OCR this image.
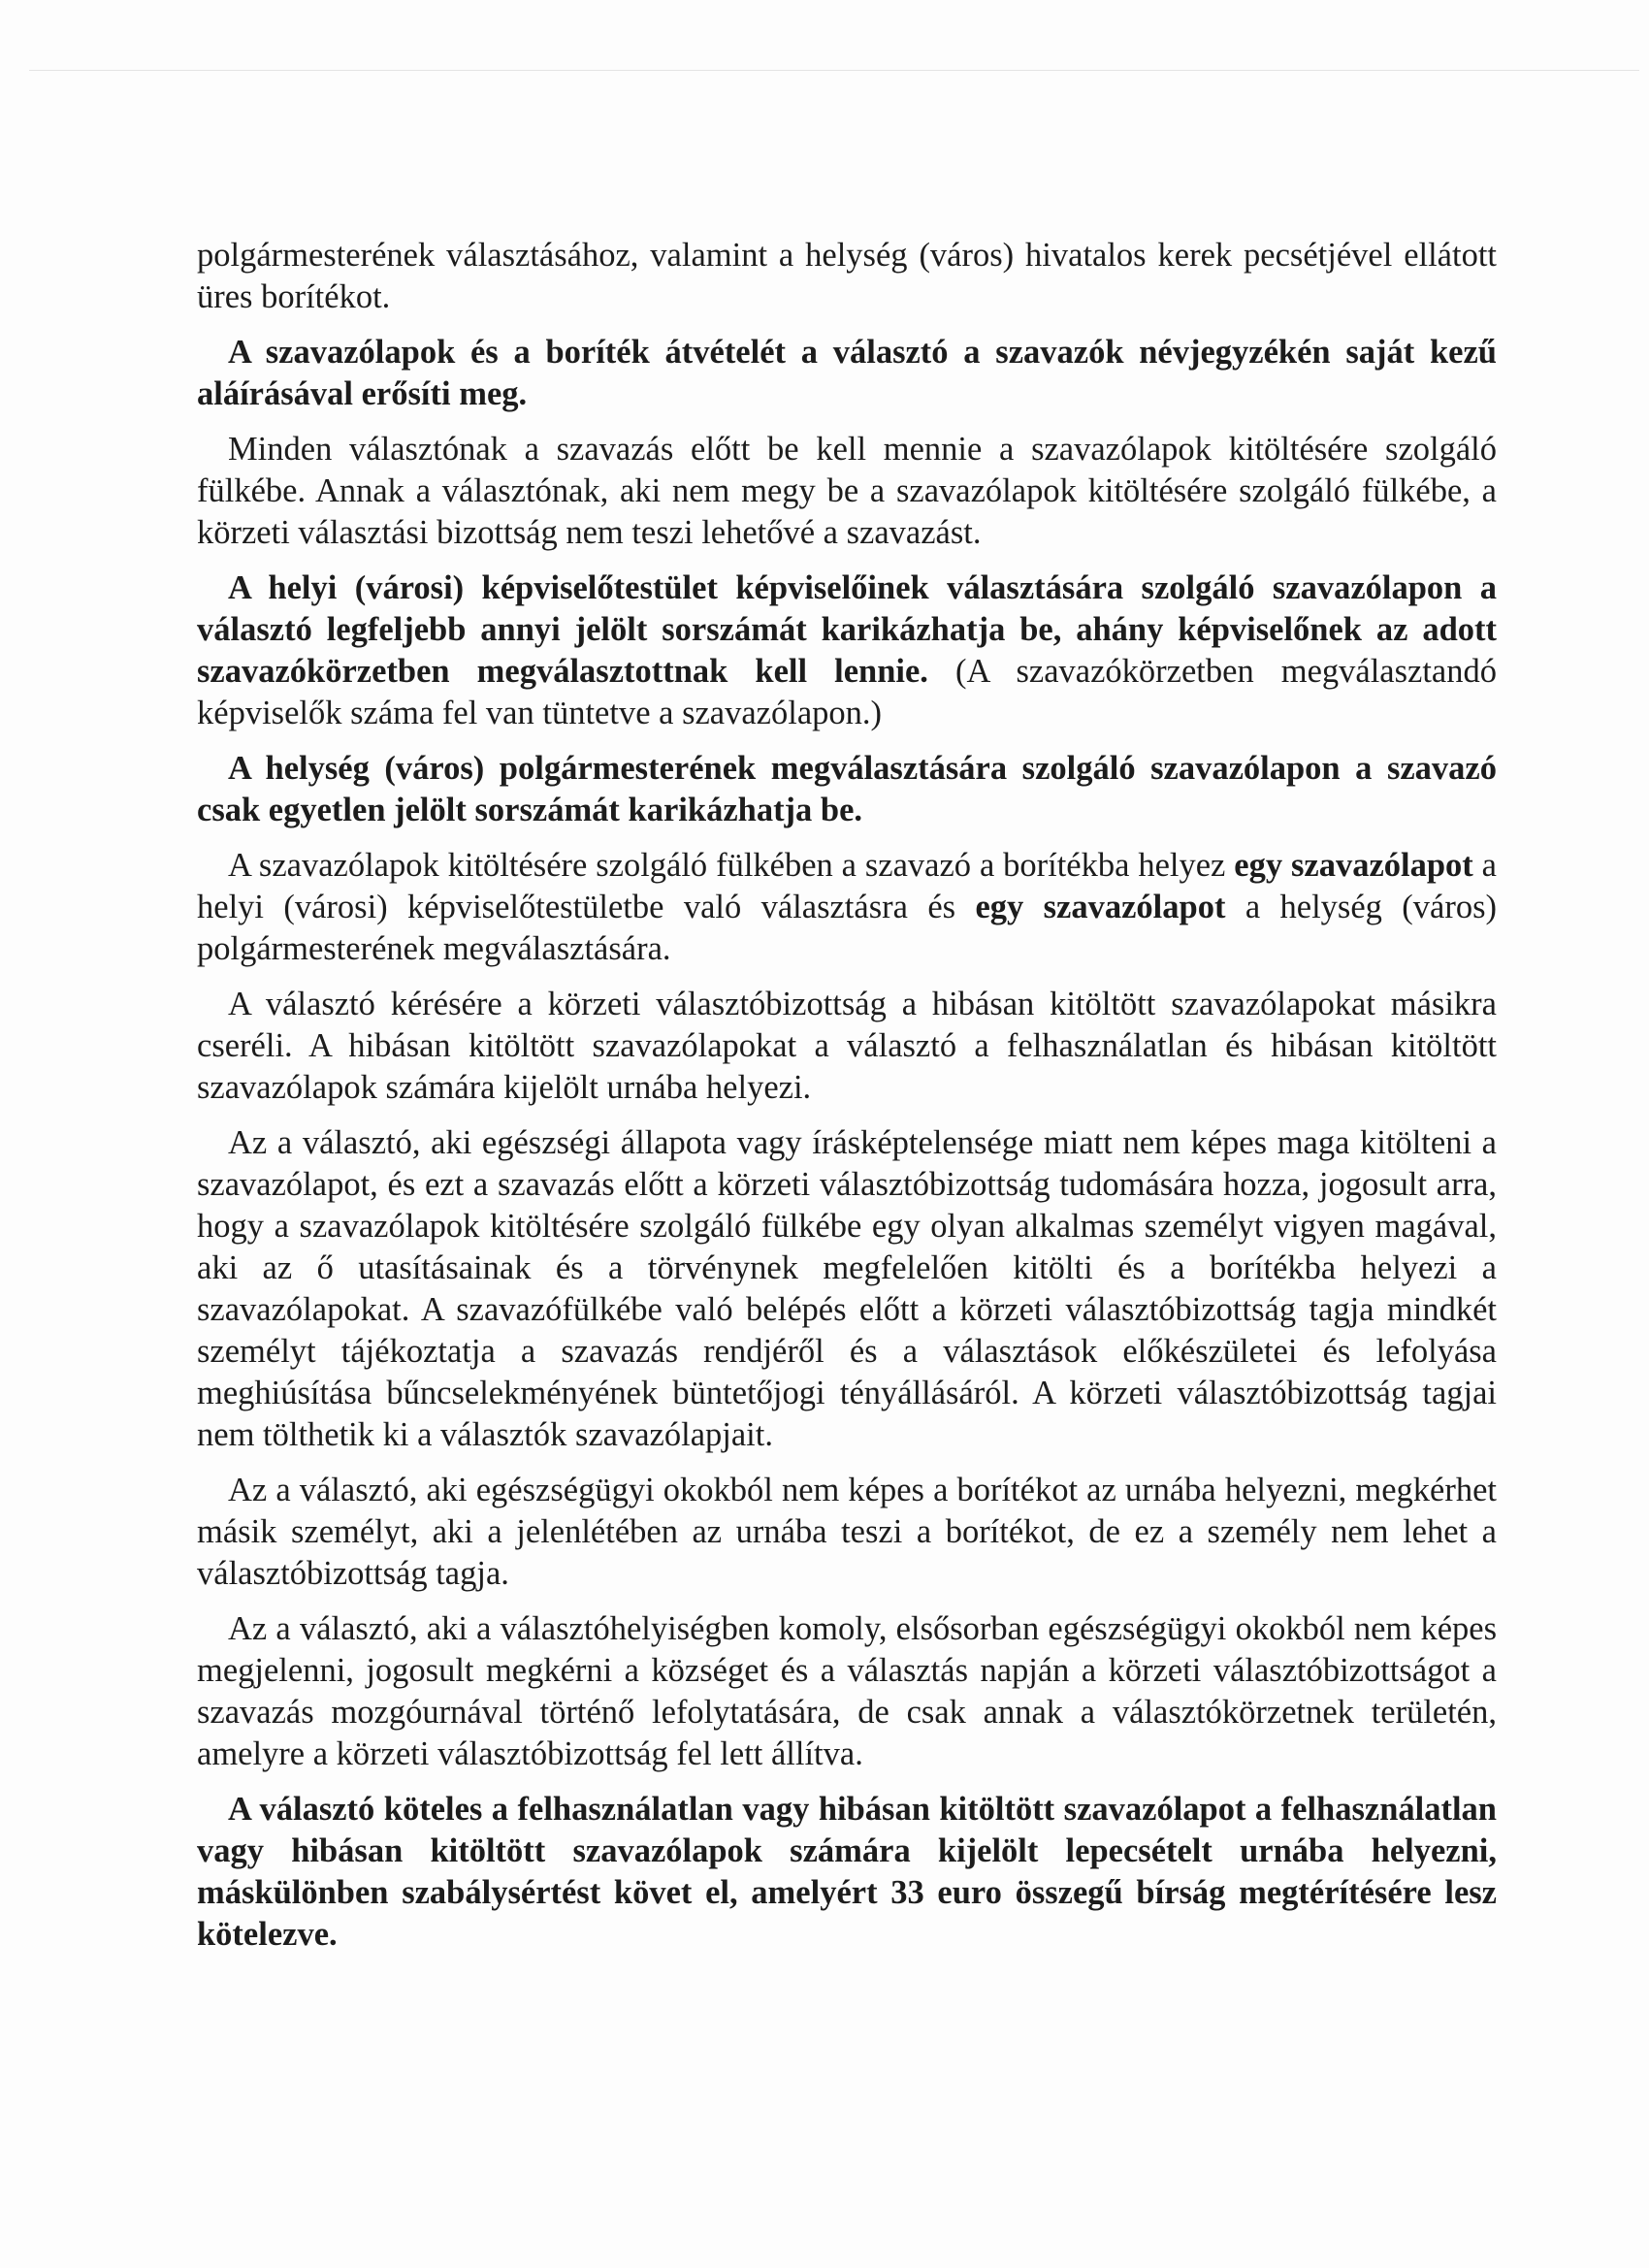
polgármesterének választásához, valamint a helység (város) hivatalos kerek pecsétjével ellátott üres borítékot.

A szavazólapok és a boríték átvételét a választó a szavazók névjegyzékén saját kezű aláírásával erősíti meg.

Minden választónak a szavazás előtt be kell mennie a szavazólapok kitöltésére szolgáló fülkébe. Annak a választónak, aki nem megy be a szavazólapok kitöltésére szolgáló fülkébe, a körzeti választási bizottság nem teszi lehetővé a szavazást.

A helyi (városi) képviselőtestület képviselőinek választására szolgáló szavazólapon a választó legfeljebb annyi jelölt sorszámát karikázhatja be, ahány képviselőnek az adott szavazókörzetben megválasztottnak kell lennie. (A szavazókörzetben megválasztandó képviselők száma fel van tüntetve a szavazólapon.)

A helység (város) polgármesterének megválasztására szolgáló szavazólapon a szavazó csak egyetlen jelölt sorszámát karikázhatja be.

A szavazólapok kitöltésére szolgáló fülkében a szavazó a borítékba helyez egy szavazólapot a helyi (városi) képviselőtestületbe való választásra és egy szavazólapot a helység (város) polgármesterének megválasztására.

A választó kérésére a körzeti választóbizottság a hibásan kitöltött szavazólapokat másikra cseréli. A hibásan kitöltött szavazólapokat a választó a felhasználatlan és hibásan kitöltött szavazólapok számára kijelölt urnába helyezi.

Az a választó, aki egészségi állapota vagy írásképtelensége miatt nem képes maga kitölteni a szavazólapot, és ezt a szavazás előtt a körzeti választóbizottság tudomására hozza, jogosult arra, hogy a szavazólapok kitöltésére szolgáló fülkébe egy olyan alkalmas személyt vigyen magával, aki az ő utasításainak és a törvénynek megfelelően kitölti és a borítékba helyezi a szavazólapokat. A szavazófülkébe való belépés előtt a körzeti választóbizottság tagja mindkét személyt tájékoztatja a szavazás rendjéről és a választások előkészületei és lefolyása meghiúsítása bűncselekményének büntetőjogi tényállásáról. A körzeti választóbizottság tagjai nem tölthetik ki a választók szavazólapjait.

Az a választó, aki egészségügyi okokból nem képes a borítékot az urnába helyezni, megkérhet másik személyt, aki a jelenlétében az urnába teszi a borítékot, de ez a személy nem lehet a választóbizottság tagja.

Az a választó, aki a választóhelyiségben komoly, elsősorban egészségügyi okokból nem képes megjelenni, jogosult megkérni a községet és a választás napján a körzeti választóbizottságot a szavazás mozgóurnával történő lefolytatására, de csak annak a választókörzetnek területén, amelyre a körzeti választóbizottság fel lett állítva.

A választó köteles a felhasználatlan vagy hibásan kitöltött szavazólapot a felhasználatlan vagy hibásan kitöltött szavazólapok számára kijelölt lepecsételt urnába helyezni, máskülönben szabálysértést követ el, amelyért 33 euro összegű bírság megtérítésére lesz kötelezve.
